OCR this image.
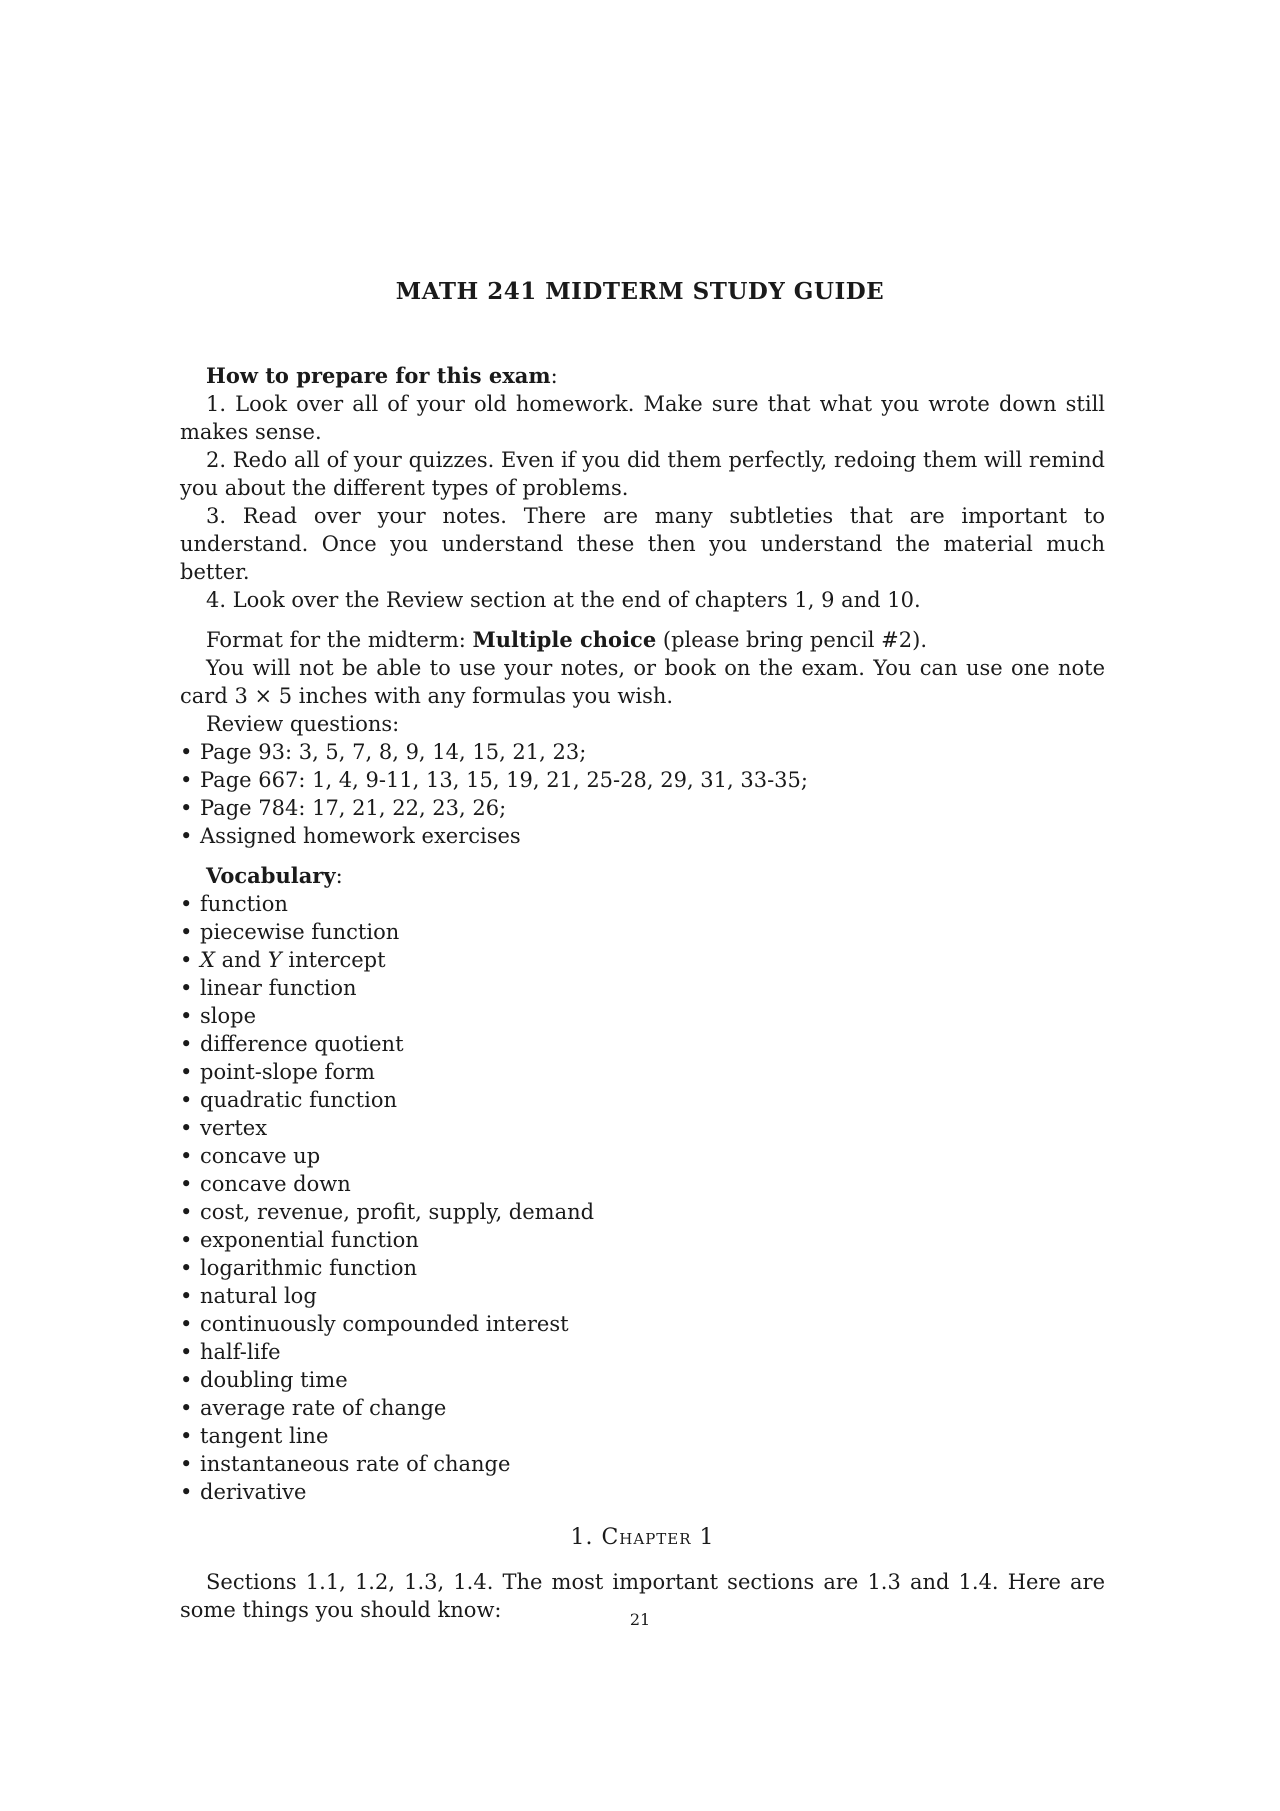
MATH 241 MIDTERM STUDY GUIDE

How to prepare for this exam:

1. Look over all of your old homework. Make sure that what you wrote down still makes sense.

2. Redo all of your quizzes. Even if you did them perfectly, redoing them will remind you about the different types of problems.

3. Read over your notes. There are many subtleties that are important to understand. Once you understand these then you understand the material much better.

4. Look over the Review section at the end of chapters 1, 9 and 10.

Format for the midterm: Multiple choice (please bring pencil #2).

You will not be able to use your notes, or book on the exam. You can use one note card 3 × 5 inches with any formulas you wish.

Review questions:

• Page 93: 3, 5, 7, 8, 9, 14, 15, 21, 23;
• Page 667: 1, 4, 9-11, 13, 15, 19, 21, 25-28, 29, 31, 33-35;
• Page 784: 17, 21, 22, 23, 26;
• Assigned homework exercises

Vocabulary:

• function
• piecewise function
• X and Y intercept
• linear function
• slope
• difference quotient
• point-slope form
• quadratic function
• vertex
• concave up
• concave down
• cost, revenue, profit, supply, demand
• exponential function
• logarithmic function
• natural log
• continuously compounded interest
• half-life
• doubling time
• average rate of change
• tangent line
• instantaneous rate of change
• derivative
1. Chapter 1

Sections 1.1, 1.2, 1.3, 1.4. The most important sections are 1.3 and 1.4. Here are some things you should know:	21
